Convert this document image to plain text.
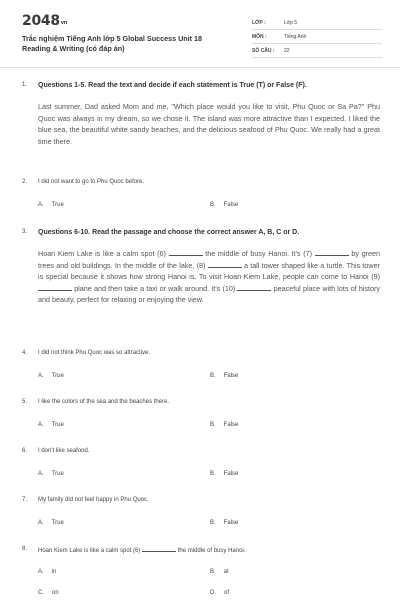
$2048_{vn}$
Trắc nghiệm Tiếng Anh lớp 5 Global Success Unit 18
Reading & Writing (có đáp án)
LỚP :	Lớp 5
MÔN :	Tiếng Anh
SỐ CÂU : 22
1. Questions 1-5. Read the text and decide if each statement is True (T) or False (F).
Last summer, Dad asked Mom and me, "Which place would you like to visit, Phu Quoc or Sa Pa?" Phu Quoc was always in my dream, so we chose it. The island was more attractive than I expected. I liked the blue sea, the beautiful white sandy beaches, and the delicious seafood of Phu Quoc. We really had a great time there.
2. I did not want to go to Phu Quoc before.
A. True	B. False
3. Questions 6-10. Read the passage and choose the correct answer A, B, C or D.
Hoan Kiem Lake is like a calm spot (6)	the middle of busy Hanoi. It's (7)	by green trees and old buildings. In the middle of the lake, (8)	a tall tower shaped like a turtle. This tower is special because it shows how strong Hanoi is. To visit Hoan Kiem Lake, people can come to Hanoi (9)  plane and then take a taxi or walk around. It's (10)	peaceful place with lots of history and beauty, perfect for relaxing or enjoying the view.
4. I did not think Phu Quoc was so attractive.
A. True	B. False
5. I like the colors of the sea and the beaches there.
A. True	B. False
6. I don't like seafood.
A. True	B. False
7. My family did not feel happy in Phu Quoc.
A. True	B. False
8. Hoan Kiem Lake is like a calm spot (6)	the middle of busy Hanoi.
A. in	B. at
C. on	D. of
